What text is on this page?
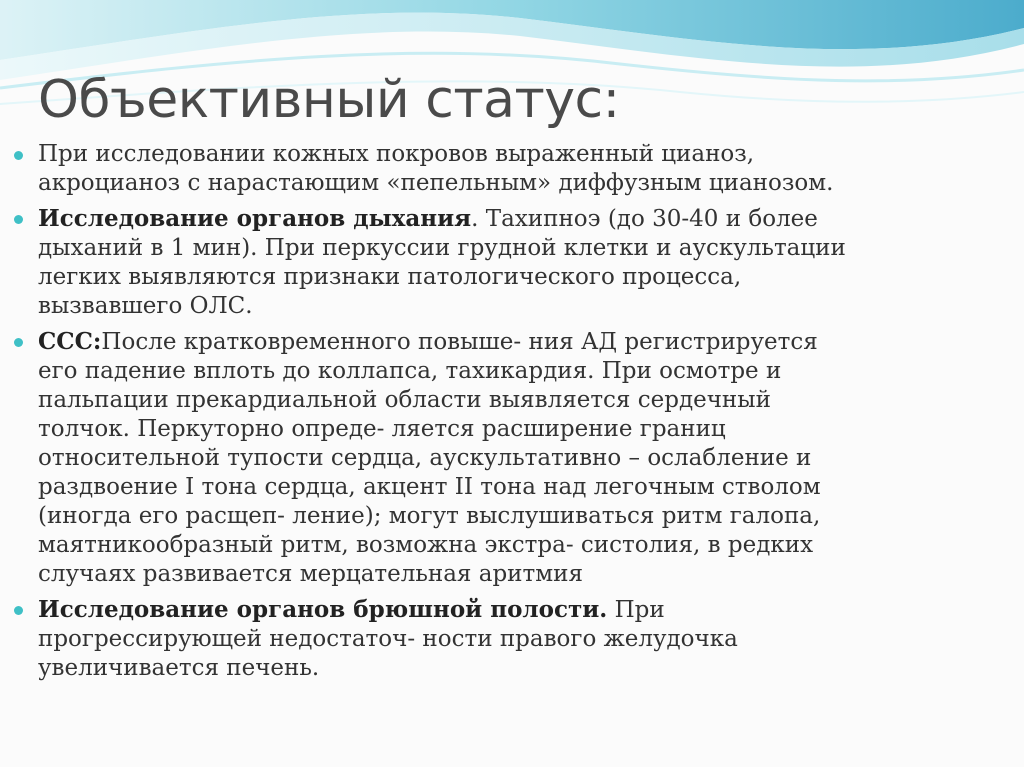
Объективный статус:
При исследовании кожных покровов выраженный цианоз,
акроцианоз с нарастающим «пепельным» диффузным цианозом.
Исследование органов дыхания. Тахипноэ (до 30-40 и более
дыханий в 1 мин). При перкуссии грудной клетки и аускультации
легких выявляются признаки патологического процесса,
вызвавшего ОЛС.
ССС:После кратковременного повыше- ния АД регистрируется
его падение вплоть до коллапса, тахикардия. При осмотре и
пальпации прекардиальной области выявляется сердечный
толчок. Перкуторно опреде- ляется расширение границ
относительной тупости сердца, аускультативно – ослабление и
раздвоение I тона сердца, акцент II тона над легочным стволом
(иногда его расщеп- ление); могут выслушиваться ритм галопа,
маятникообразный ритм, возможна экстра- систолия, в редких
случаях развивается мерцательная аритмия
Исследование органов брюшной полости. При
прогрессирующей недостаточ- ности правого желудочка
увеличивается печень.
